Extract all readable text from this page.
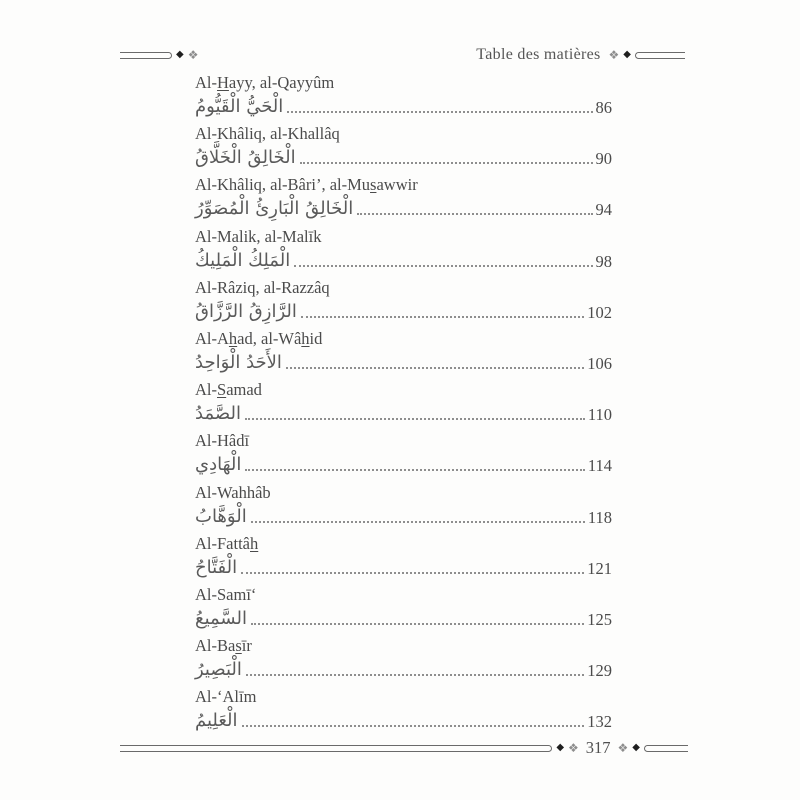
◆ ❖	Table des matières ❖ ◆
Al-Hayy, al-Qayyûm
الْحَيُّ الْقَيُّومُ	86
Al-Khâliq, al-Khallâq
الْخَالِقُ الْخَلَّاقُ	90
Al-Khâliq, al-Bâri’, al-Musawwir
الْخَالِقُ الْبَارِئُ الْمُصَوِّرُ	94
Al-Malik, al-Malīk
الْمَلِكُ الْمَلِيكُ	98
Al-Râziq, al-Razzâq
الرَّازِقُ الرَّزَّاقُ	102
Al-Ahad, al-Wâhid
الأَحَدُ الْوَاحِدُ	106
Al-Samad
الصَّمَدُ	110
Al-Hâdī
الْهَادِي	114
Al-Wahhâb
الْوَهَّابُ	118
Al-Fattâh
الْفَتَّاحُ	121
Al-Samī‘
السَّمِيعُ	125
Al-Basīr
الْبَصِيرُ	129
Al-‘Alīm
الْعَلِيمُ	132
◆ ❖ 317 ❖ ◆
